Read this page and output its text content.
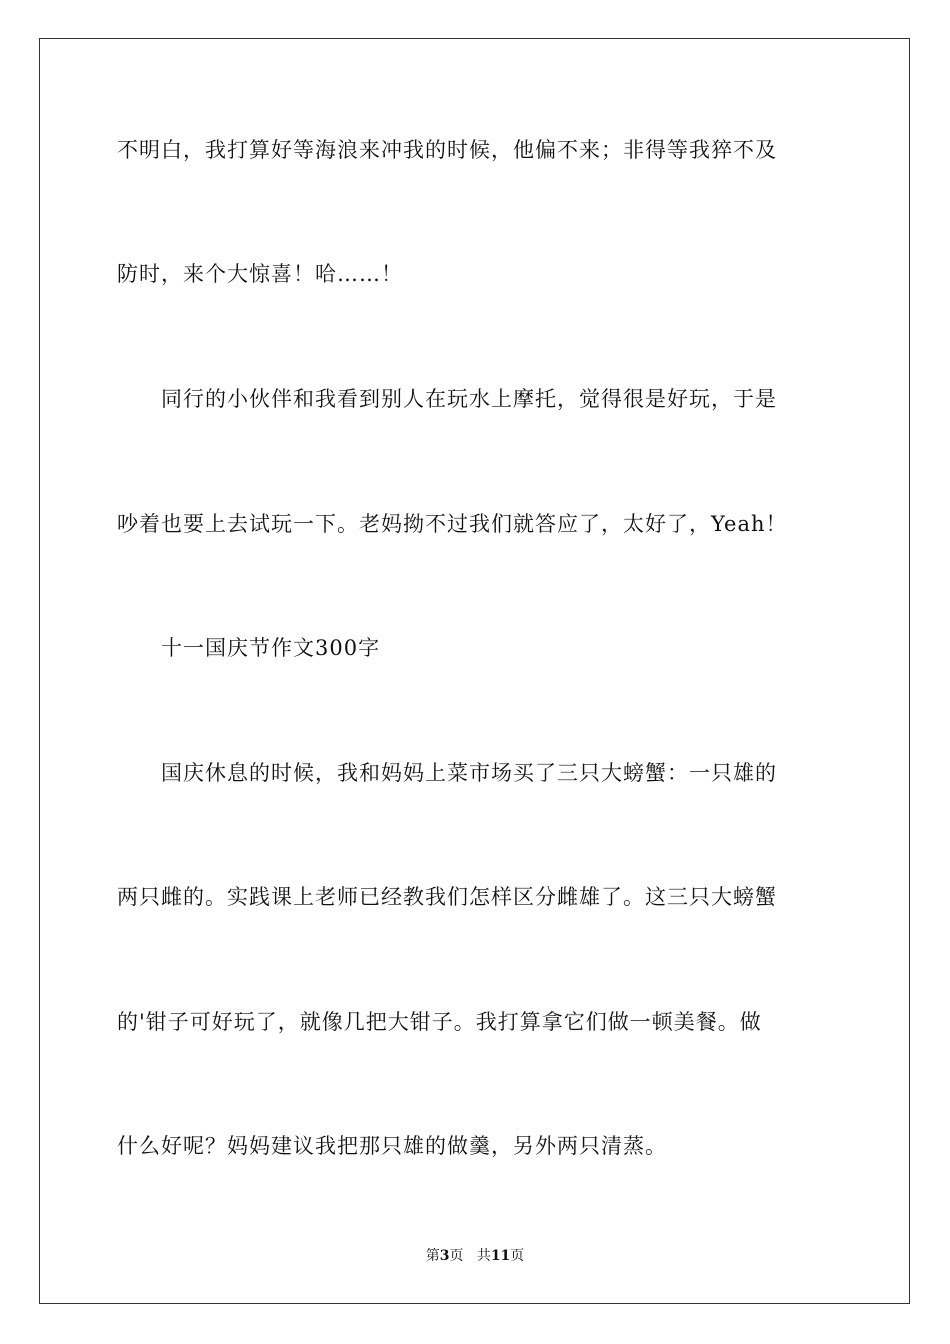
不明白，我打算好等海浪来冲我的时候，他偏不来；非得等我猝不及
防时，来个大惊喜！哈……！
　　同行的小伙伴和我看到别人在玩水上摩托，觉得很是好玩，于是
吵着也要上去试玩一下。老妈拗不过我们就答应了，太好了，Yeah！
　　十一国庆节作文300字
　　国庆休息的时候，我和妈妈上菜市场买了三只大螃蟹：一只雄的
两只雌的。实践课上老师已经教我们怎样区分雌雄了。这三只大螃蟹
的'钳子可好玩了，就像几把大钳子。我打算拿它们做一顿美餐。做
什么好呢？妈妈建议我把那只雄的做羹，另外两只清蒸。
第3页 共11页
